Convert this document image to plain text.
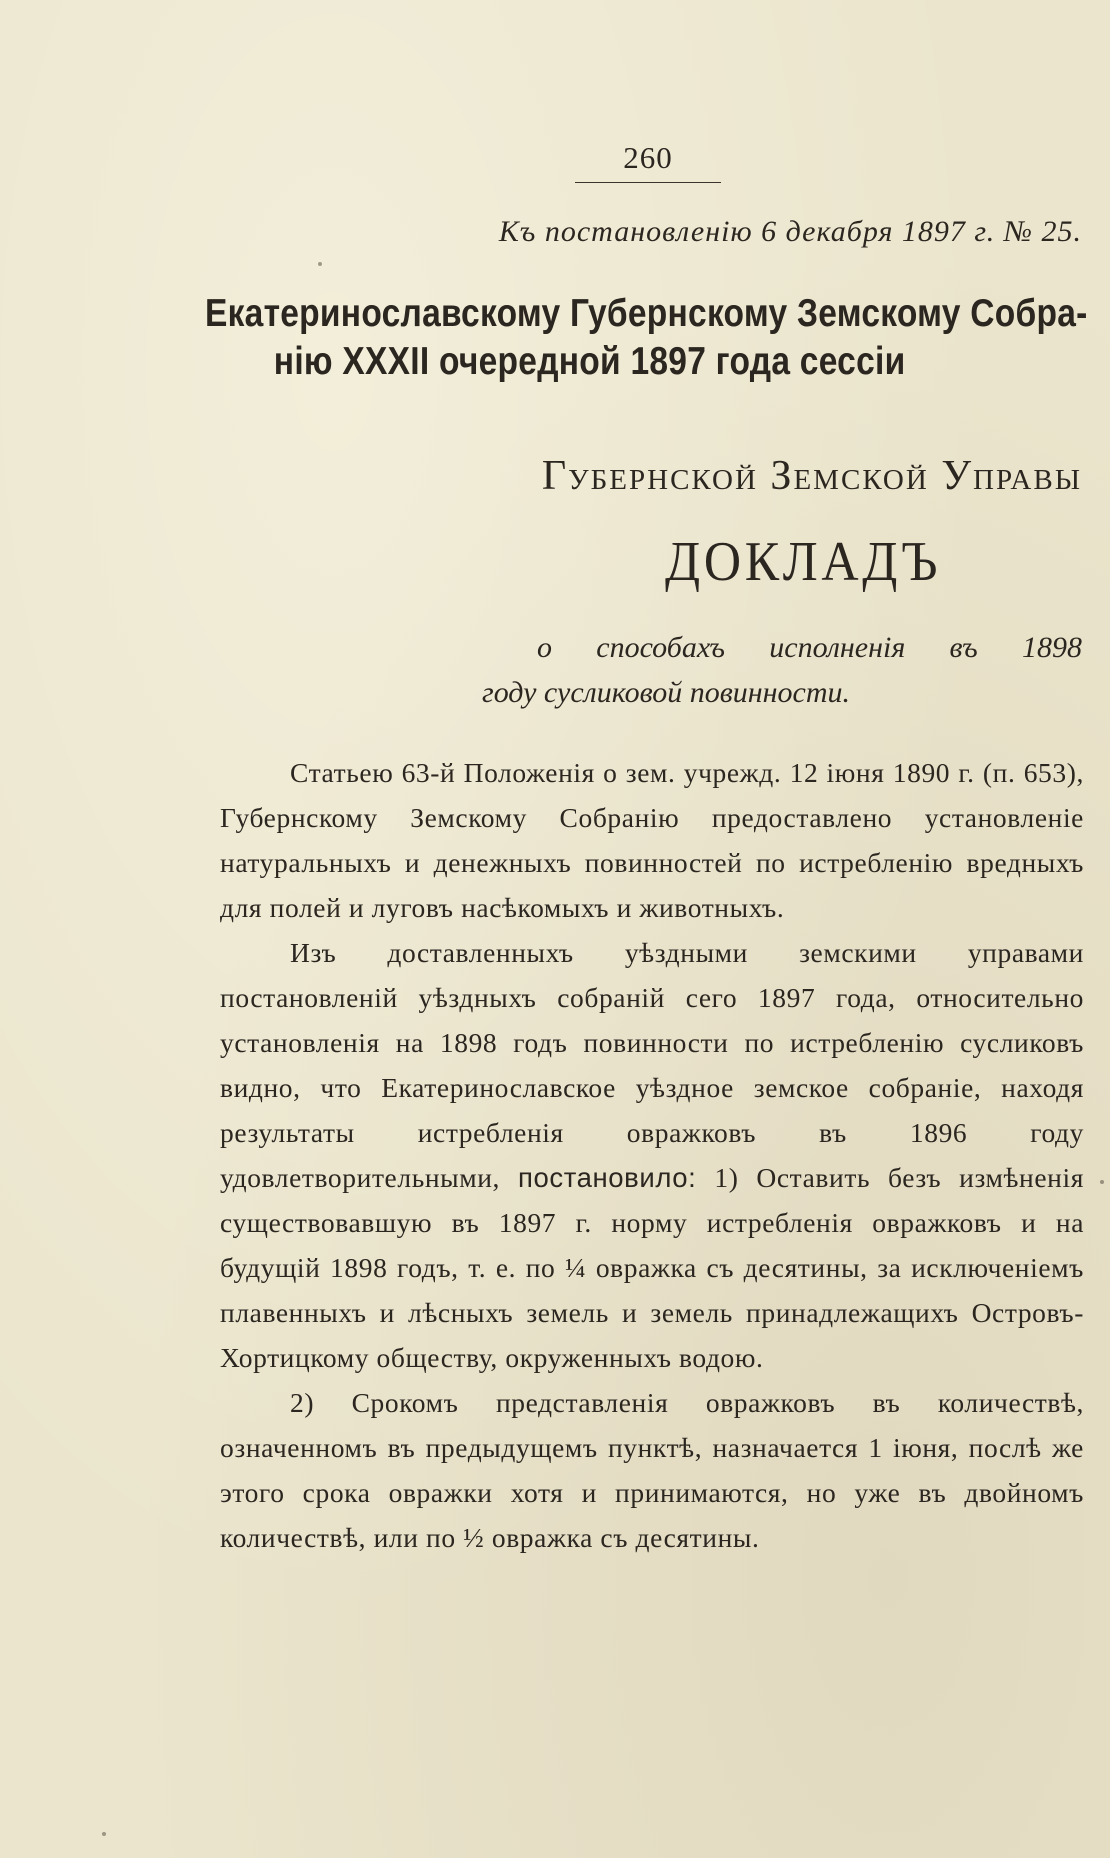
260
Къ постановленію 6 декабря 1897 г. № 25.
Екатеринославскому Губернскому Земскому Собра-
нію XXXII очередной 1897 года сессіи
Губернской Земской Управы
ДОКЛАДЪ
о способахъ исполненія въ 1898
году сусликовой повинности.

Статьею 63-й Положенія о зем. учрежд. 12 іюня 1890 г. (п. 653), Губернскому Земскому Собранію предоставлено установленіе натуральныхъ и денежныхъ повинностей по истребленію вредныхъ для полей и луговъ насѣкомыхъ и животныхъ.

Изъ доставленныхъ уѣздными земскими управами постановленій уѣздныхъ собраній сего 1897 года, относительно установленія на 1898 годъ повинности по истребленію сусликовъ видно, что Екатеринославское уѣздное земское собраніе, находя результаты истребленія овражковъ въ 1896 году удовлетворительными, постановило: 1) Оставить безъ измѣненія существовавшую въ 1897 г. норму истребленія овражковъ и на будущій 1898 годъ, т. е. по ¼ овражка съ десятины, за исключеніемъ плавенныхъ и лѣсныхъ земель и земель принадлежащихъ Островъ-Хортицкому обществу, окруженныхъ водою.

2) Срокомъ представленія овражковъ въ количествѣ, означенномъ въ предыдущемъ пунктѣ, назначается 1 іюня, послѣ же этого срока овражки хотя и принимаются, но уже въ двойномъ количествѣ, или по ½ овражка съ десятины.
